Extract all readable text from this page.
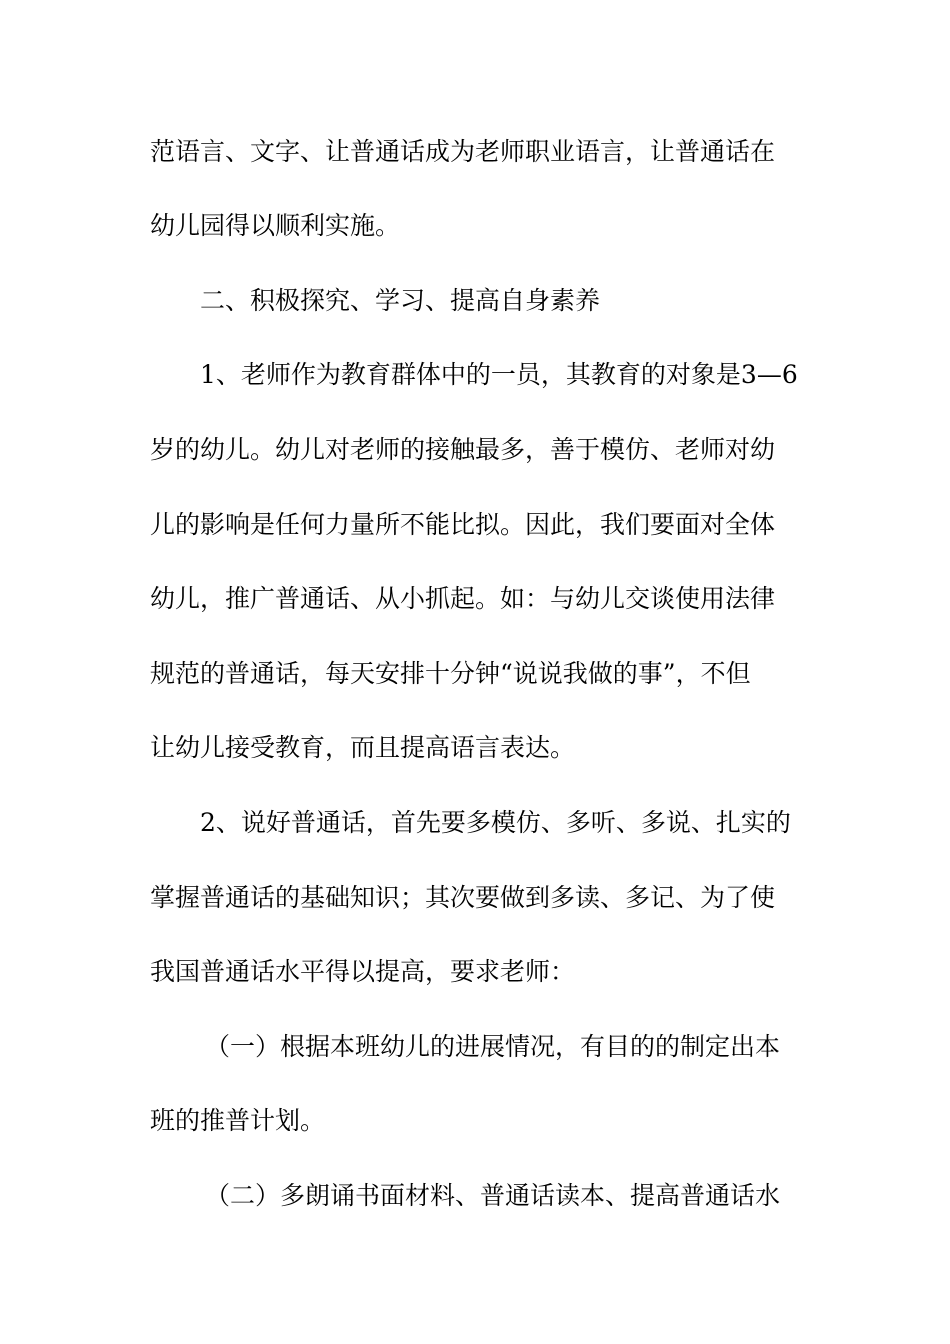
范语言、文字、让普通话成为老师职业语言，让普通话在
幼儿园得以顺利实施。
二、积极探究、学习、提高自身素养
1、老师作为教育群体中的一员，其教育的对象是3—6
岁的幼儿。幼儿对老师的接触最多，善于模仿、老师对幼
儿的影响是任何力量所不能比拟。因此，我们要面对全体
幼儿，推广普通话、从小抓起。如：与幼儿交谈使用法律
规范的普通话，每天安排十分钟“说说我做的事”，不但
让幼儿接受教育，而且提高语言表达。
2、说好普通话，首先要多模仿、多听、多说、扎实的
掌握普通话的基础知识；其次要做到多读、多记、为了使
我国普通话水平得以提高，要求老师：
（一）根据本班幼儿的进展情况，有目的的制定出本
班的推普计划。
（二）多朗诵书面材料、普通话读本、提高普通话水
